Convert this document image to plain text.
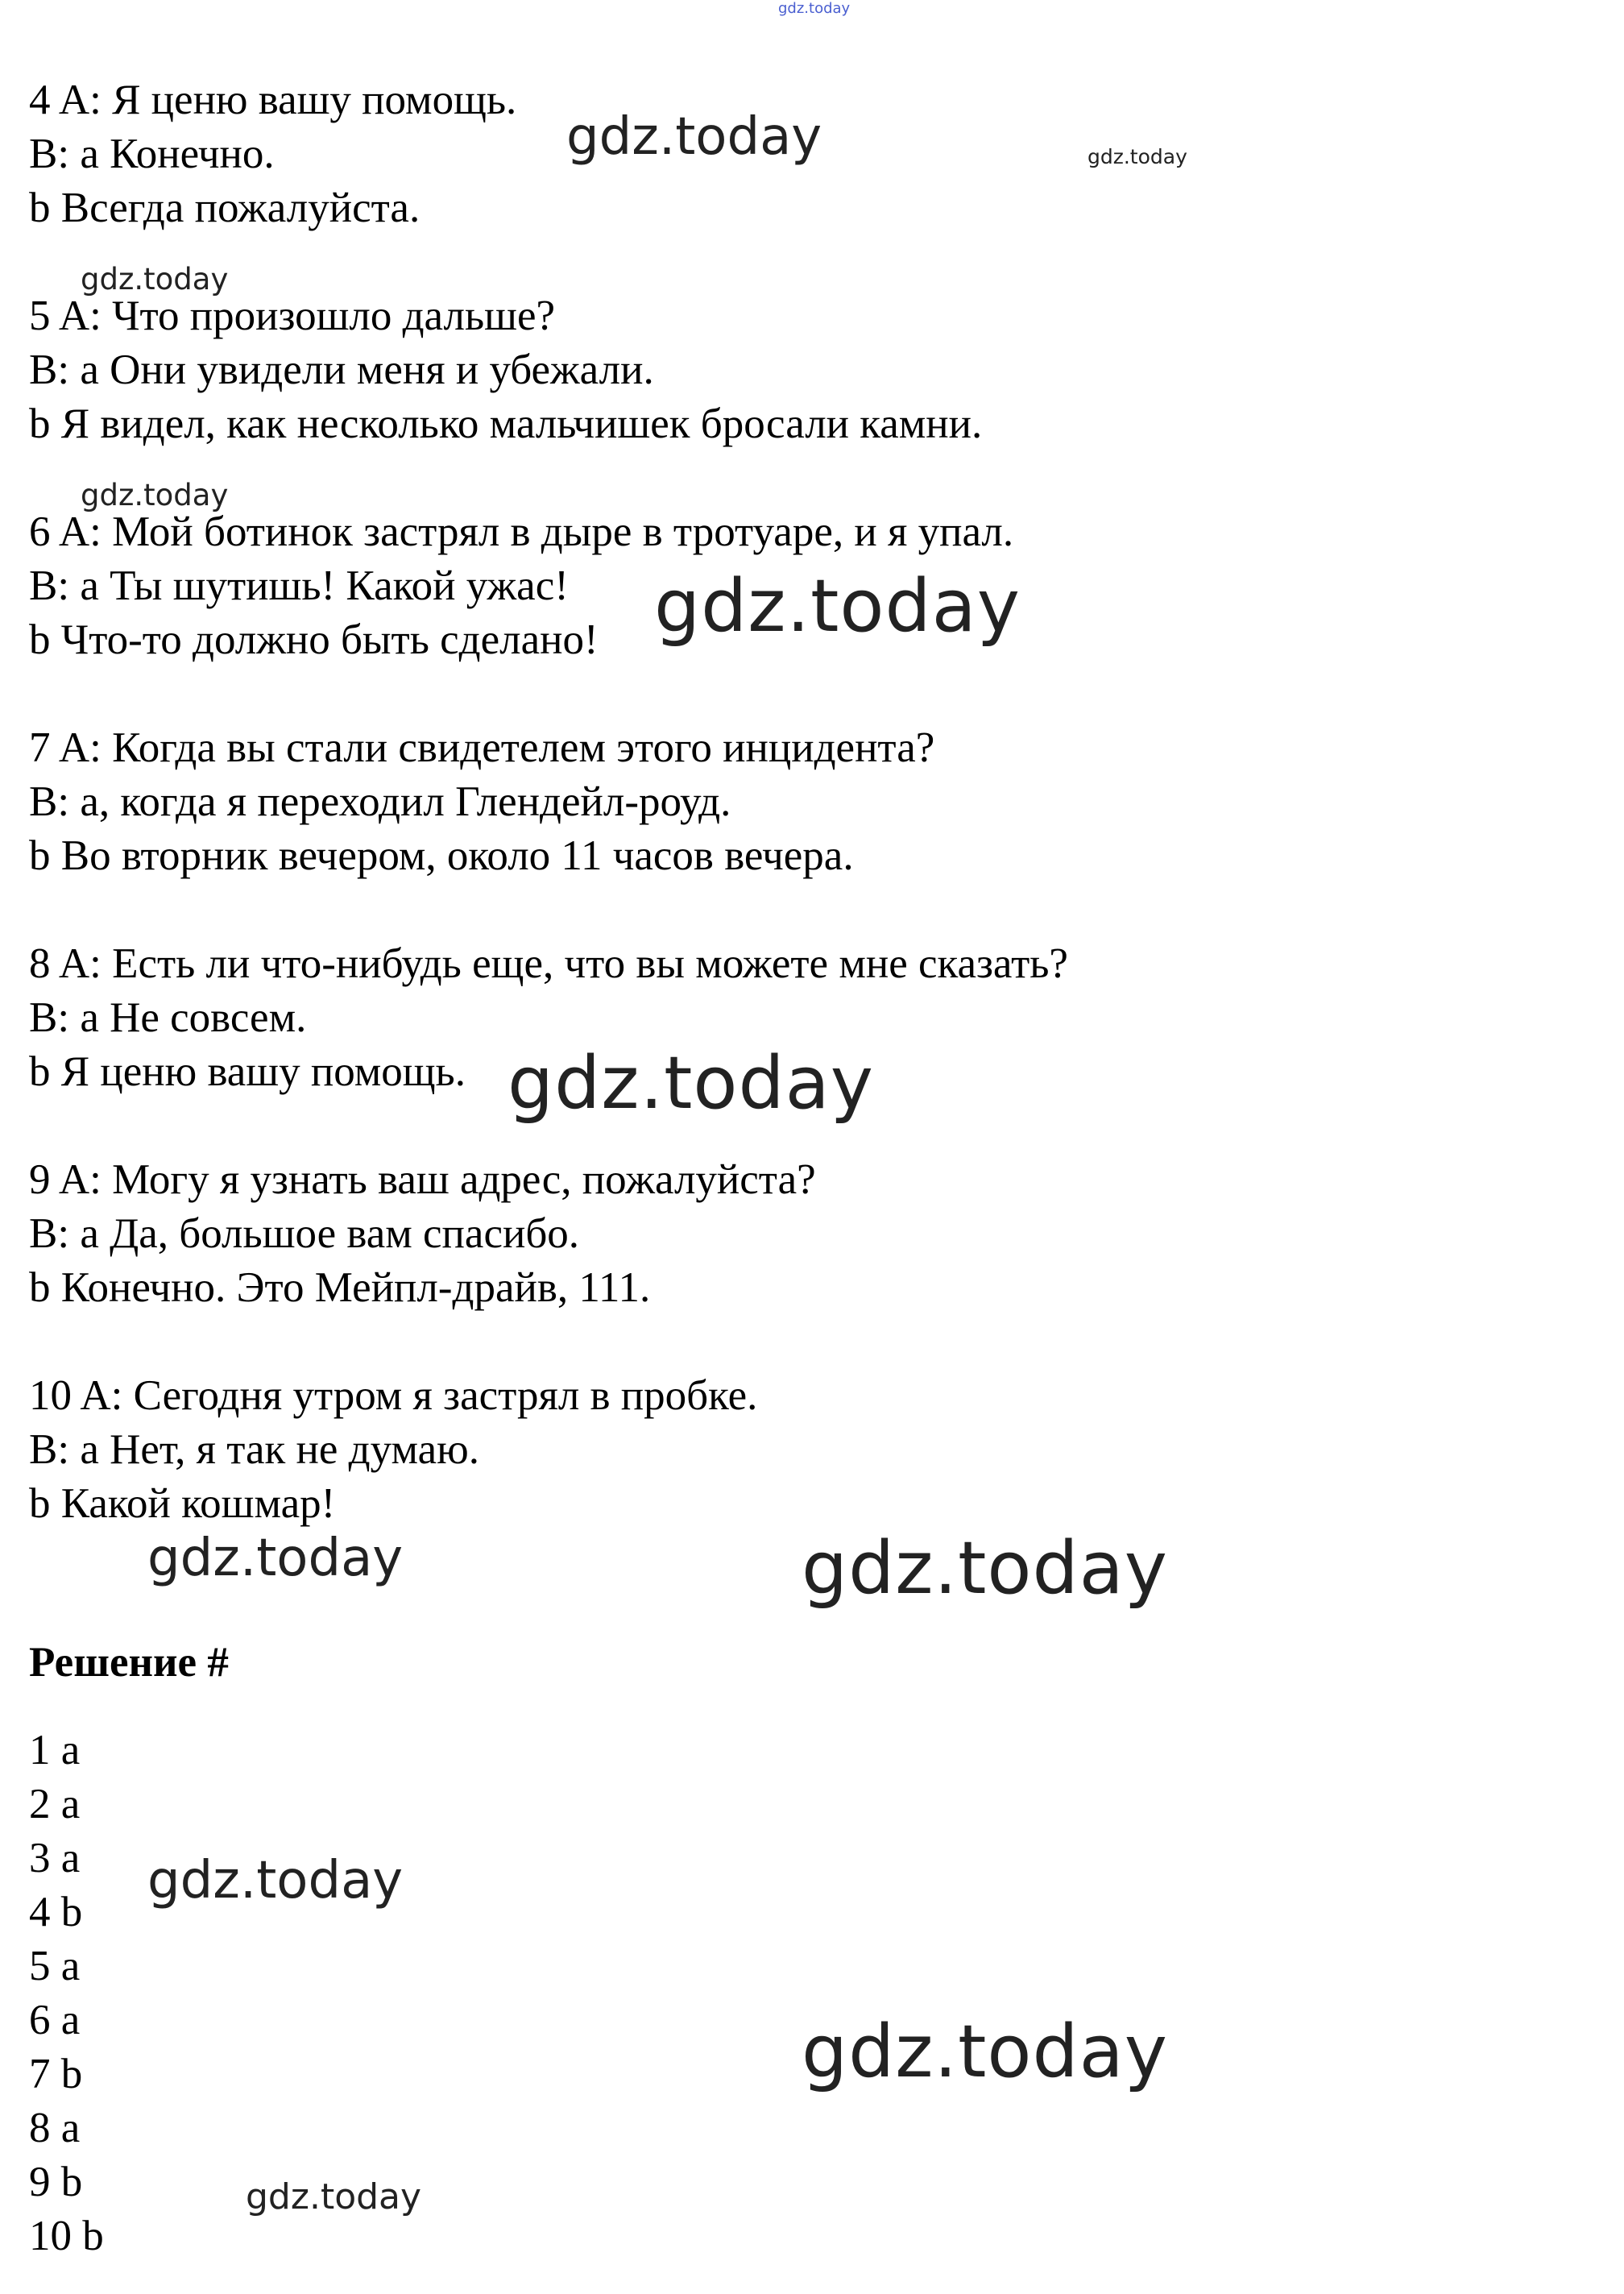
gdz.today
4 A: Я ценю вашу помощь.
B: a Конечно.
b Всегда пожалуйста.
5 A: Что произошло дальше?
B: a Они увидели меня и убежали.
b Я видел, как несколько мальчишек бросали камни.
6 A: Мой ботинок застрял в дыре в тротуаре, и я упал.
B: a Ты шутишь! Какой ужас!
b Что-то должно быть сделано!
7 A: Когда вы стали свидетелем этого инцидента?
B: a, когда я переходил Глендейл-роуд.
b Во вторник вечером, около 11 часов вечера.
8 A: Есть ли что-нибудь еще, что вы можете мне сказать?
B: a Не совсем.
b Я ценю вашу помощь.
9 A: Могу я узнать ваш адрес, пожалуйста?
B: a Да, большое вам спасибо.
b Конечно. Это Мейпл-драйв, 111.
10 A: Сегодня утром я застрял в пробке.
B: a Нет, я так не думаю.
b Какой кошмар!
Решение #
1 a
2 a
3 a
4 b
5 a
6 a
7 b
8 a
9 b
10 b
gdz.today	gdz.today
gdz.today
gdz.today
gdz.today
gdz.today
gdz.today	gdz.today
gdz.today
gdz.today
gdz.today
